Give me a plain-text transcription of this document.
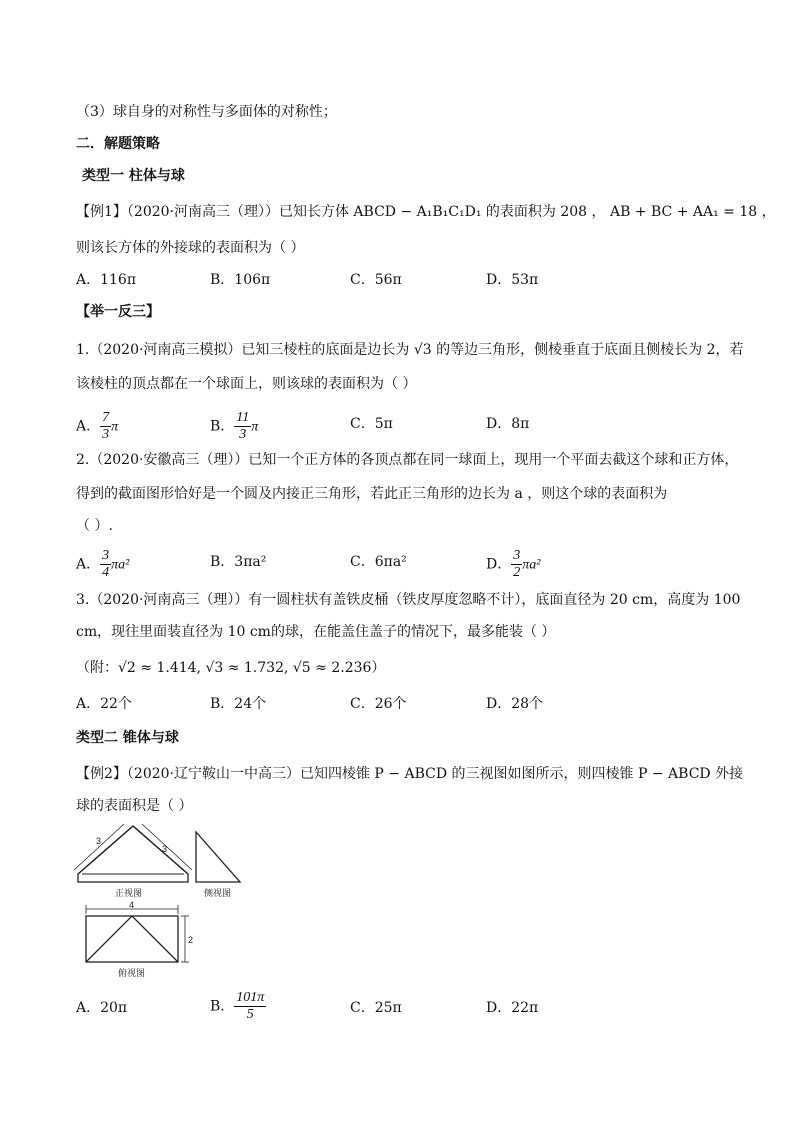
（3）球自身的对称性与多面体的对称性；
二．解题策略
类型一 柱体与球
【例1】（2020·河南高三（理））已知长方体 ABCD − A₁B₁C₁D₁ 的表面积为 208 ， AB + BC + AA₁ = 18 ，
则该长方体的外接球的表面积为（ ）
A．116π	B．106π	C．56π	D．53π
【举一反三】
1.（2020·河南高三模拟）已知三棱柱的底面是边长为 √3 的等边三角形，侧棱垂直于底面且侧棱长为 2，若
该棱柱的顶点都在一个球面上，则该球的表面积为（ ）
A． $\frac{7}{3}$ π	B． $\frac{11}{3}$ π	C．5π	D．8π
2.（2020·安徽高三（理））已知一个正方体的各顶点都在同一球面上，现用一个平面去截这个球和正方体，
得到的截面图形恰好是一个圆及内接正三角形，若此正三角形的边长为 a ，则这个球的表面积为
（ ）.
A． $\frac{3}{4} \pi a^2$	B．3πa²	C．6πa²	D． $\frac{3}{2} \pi a^2$
3.（2020·河南高三（理））有一圆柱状有盖铁皮桶（铁皮厚度忽略不计），底面直径为 20 cm，高度为 100
cm，现往里面装直径为 10 cm的球，在能盖住盖子的情况下，最多能装（ ）
（附：√2 ≈ 1.414, √3 ≈ 1.732, √5 ≈ 2.236）
A．22个	B．24个	C．26个	D．28个
类型二 锥体与球
【例2】（2020·辽宁鞍山一中高三）已知四棱锥 P − ABCD 的三视图如图所示，则四棱锥 P − ABCD 外接
球的表面积是（ ）
3
3
正视图	侧视图
4
2
俯视图
A．20π	B． $\frac{101\pi}{5}$	C．25π	D．22π
